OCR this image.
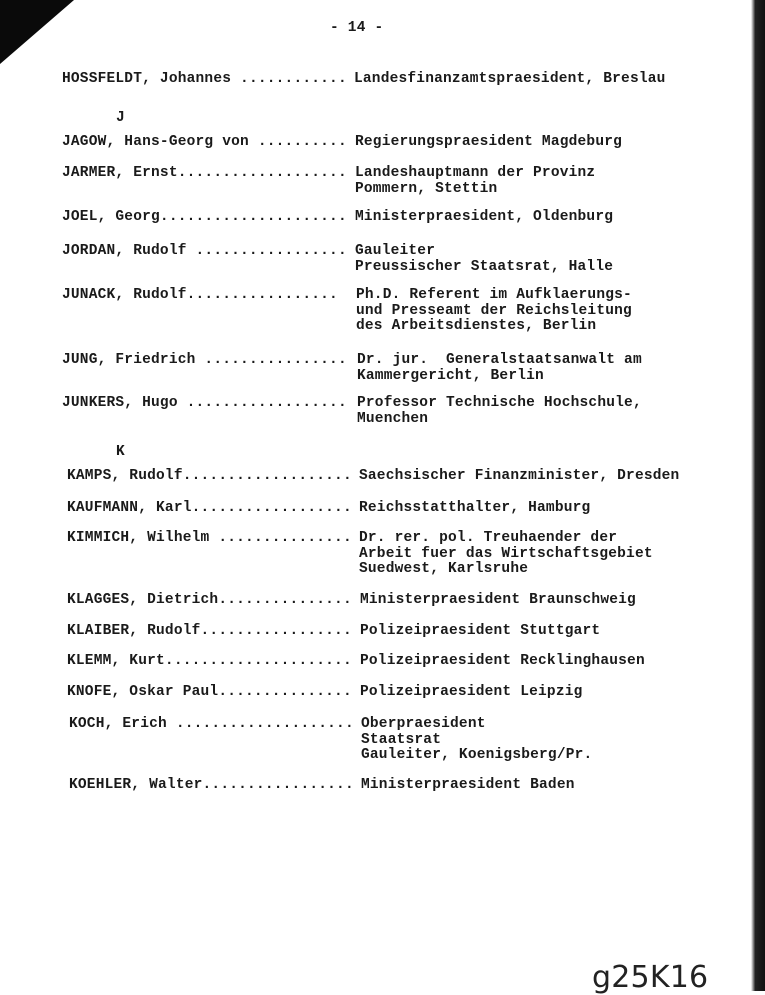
- 14 -
HOSSFELDT, Johannes ............ Landesfinanzamtspraesident, Breslau
J
JAGOW, Hans-Georg von .......... Regierungspraesident Magdeburg
JARMER, Ernst................... Landeshauptmann der Provinz
Pommern, Stettin
JOEL, Georg..................... Ministerpraesident, Oldenburg
JORDAN, Rudolf ................. Gauleiter
Preussischer Staatsrat, Halle
JUNACK, Rudolf................. Ph.D. Referent im Aufklaerungs-
und Presseamt der Reichsleitung
des Arbeitsdienstes, Berlin
JUNG, Friedrich ................ Dr. jur.  Generalstaatsanwalt am
Kammergericht, Berlin
JUNKERS, Hugo .................. Professor Technische Hochschule,
Muenchen
K
KAMPS, Rudolf................... Saechsischer Finanzminister, Dresden
KAUFMANN, Karl.................. Reichsstatthalter, Hamburg
KIMMICH, Wilhelm ............... Dr. rer. pol. Treuhaender der
Arbeit fuer das Wirtschaftsgebiet
Suedwest, Karlsruhe
KLAGGES, Dietrich............... Ministerpraesident Braunschweig
KLAIBER, Rudolf................. Polizeipraesident Stuttgart
KLEMM, Kurt..................... Polizeipraesident Recklinghausen
KNOFE, Oskar Paul............... Polizeipraesident Leipzig
KOCH, Erich .................... Oberpraesident
Staatsrat
Gauleiter, Koenigsberg/Pr.
KOEHLER, Walter................. Ministerpraesident Baden
g25K16
